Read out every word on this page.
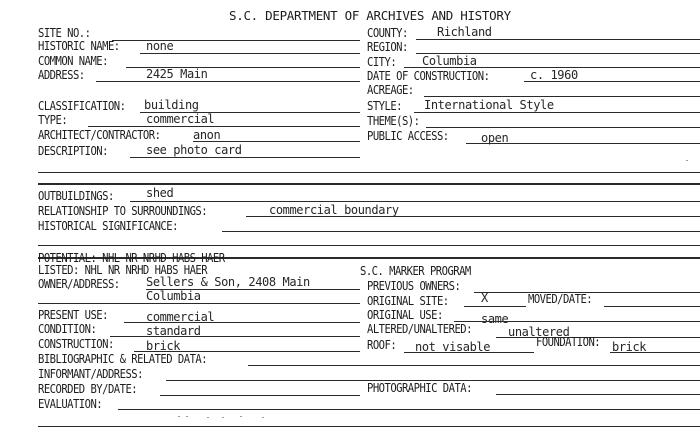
S.C. DEPARTMENT OF ARCHIVES AND HISTORY
SITE NO.:
HISTORIC NAME: none
COMMON NAME:
ADDRESS:	2425 Main
CLASSIFICATION: building
TYPE:	commercial
ARCHITECT/CONTRACTOR:	anon
DESCRIPTION:	see photo card
COUNTY: Richland
REGION:
CITY: Columbia
DATE OF CONSTRUCTION:	c. 1960
ACREAGE:
STYLE: International Style
THEME(S):
PUBLIC ACCESS:	open
OUTBUILDINGS:	shed
RELATIONSHIP TO SURROUNDINGS:	commercial boundary
HISTORICAL SIGNIFICANCE:
POTENTIAL: NHL NR NRHD HABS HAER
LISTED: NHL NR NRHD HABS HAER	S.C. MARKER PROGRAM
OWNER/ADDRESS: Sellers & Son, 2408 Main
Columbia
PREVIOUS OWNERS:
ORIGINAL SITE:	X	MOVED/DATE:
PRESENT USE:	commercial	ORIGINAL USE:	same
CONDITION:	standard	ALTERED/UNALTERED:	unaltered
CONSTRUCTION:	brick	ROOF: not visable	FOUNDATION: brick
BIBLIOGRAPHIC & RELATED DATA:
INFORMANT/ADDRESS:
RECORDED BY/DATE:	PHOTOGRAPHIC DATA:
EVALUATION:
